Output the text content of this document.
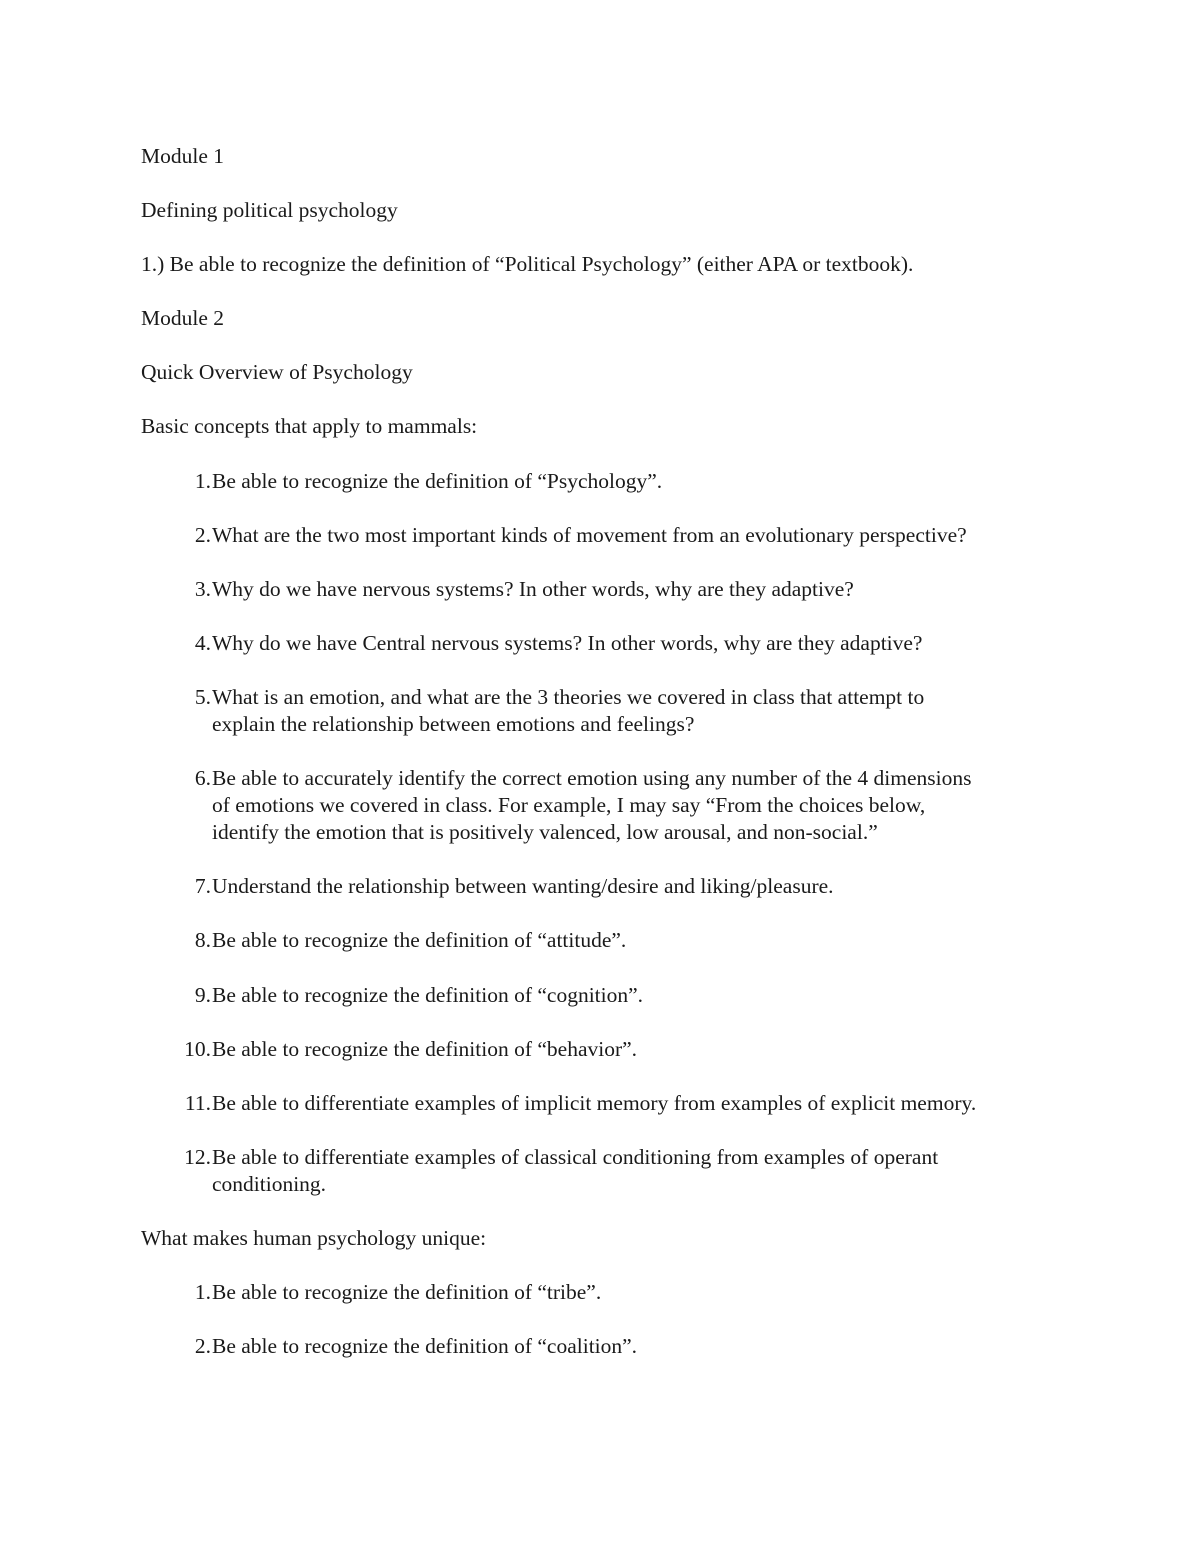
Module 1

Defining political psychology

1.) Be able to recognize the definition of “Political Psychology” (either APA or textbook).

Module 2

Quick Overview of Psychology

Basic concepts that apply to mammals:

1. Be able to recognize the definition of “Psychology”.
2. What are the two most important kinds of movement from an evolutionary perspective?
3. Why do we have nervous systems? In other words, why are they adaptive?
4. Why do we have Central nervous systems? In other words, why are they adaptive?
5. What is an emotion, and what are the 3 theories we covered in class that attempt to
explain the relationship between emotions and feelings?
6. Be able to accurately identify the correct emotion using any number of the 4 dimensions
of emotions we covered in class. For example, I may say “From the choices below,
identify the emotion that is positively valenced, low arousal, and non-social.”
7. Understand the relationship between wanting/desire and liking/pleasure.
8. Be able to recognize the definition of “attitude”.
9. Be able to recognize the definition of “cognition”.
10. Be able to recognize the definition of “behavior”.
11. Be able to differentiate examples of implicit memory from examples of explicit memory.
12. Be able to differentiate examples of classical conditioning from examples of operant
conditioning.

What makes human psychology unique:

1. Be able to recognize the definition of “tribe”.
2. Be able to recognize the definition of “coalition”.
